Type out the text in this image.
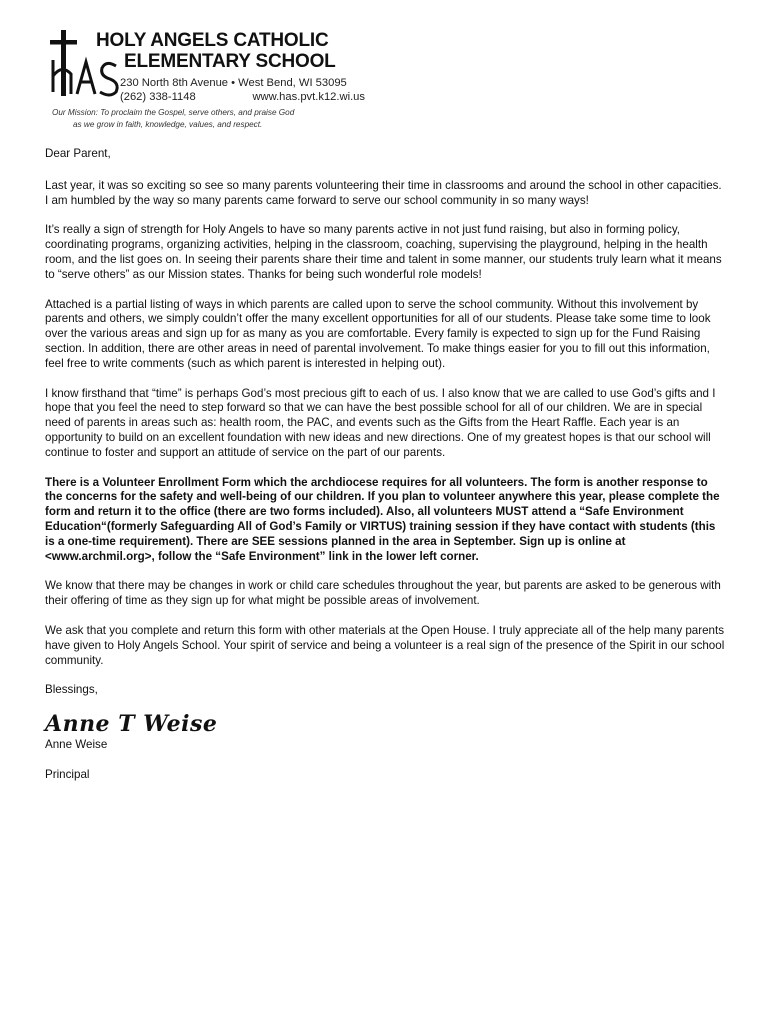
HAS
HOLY ANGELS CATHOLIC
ELEMENTARY SCHOOL
230 North 8th Avenue • West Bend, WI 53095
(262) 338-1148	www.has.pvt.k12.wi.us
Our Mission: To proclaim the Gospel, serve others, and praise God
as we grow in faith, knowledge, values, and respect.

Dear Parent,

Last year, it was so exciting so see so many parents volunteering their time in classrooms and around the school in other capacities. I am humbled by the way so many parents came forward to serve our school community in so many ways!

It’s really a sign of strength for Holy Angels to have so many parents active in not just fund raising, but also in forming policy, coordinating programs, organizing activities, helping in the classroom, coaching, supervising the playground, helping in the health room, and the list goes on. In seeing their parents share their time and talent in some manner, our students truly learn what it means to “serve others” as our Mission states. Thanks for being such wonderful role models!

Attached is a partial listing of ways in which parents are called upon to serve the school community. Without this involvement by parents and others, we simply couldn’t offer the many excellent opportunities for all of our students. Please take some time to look over the various areas and sign up for as many as you are comfortable. Every family is expected to sign up for the Fund Raising section. In addition, there are other areas in need of parental involvement. To make things easier for you to fill out this information, feel free to write comments (such as which parent is interested in helping out).

I know firsthand that “time” is perhaps God’s most precious gift to each of us. I also know that we are called to use God’s gifts and I hope that you feel the need to step forward so that we can have the best possible school for all of our children. We are in special need of parents in areas such as: health room, the PAC, and events such as the Gifts from the Heart Raffle. Each year is an opportunity to build on an excellent foundation with new ideas and new directions. One of my greatest hopes is that our school will continue to foster and support an attitude of service on the part of our parents.

There is a Volunteer Enrollment Form which the archdiocese requires for all volunteers. The form is another response to the concerns for the safety and well-being of our children. If you plan to volunteer anywhere this year, please complete the form and return it to the office (there are two forms included). Also, all volunteers MUST attend a “Safe Environment Education“(formerly Safeguarding All of God’s Family or VIRTUS) training session if they have contact with students (this is a one-time requirement). There are SEE sessions planned in the area in September. Sign up is online at <www.archmil.org>, follow the “Safe Environment” link in the lower left corner.

We know that there may be changes in work or child care schedules throughout the year, but parents are asked to be generous with their offering of time as they sign up for what might be possible areas of involvement.

We ask that you complete and return this form with other materials at the Open House. I truly appreciate all of the help many parents have given to Holy Angels School. Your spirit of service and being a volunteer is a real sign of the presence of the Spirit in our school community.

Blessings,

Anne T Weise

Anne Weise

Principal
